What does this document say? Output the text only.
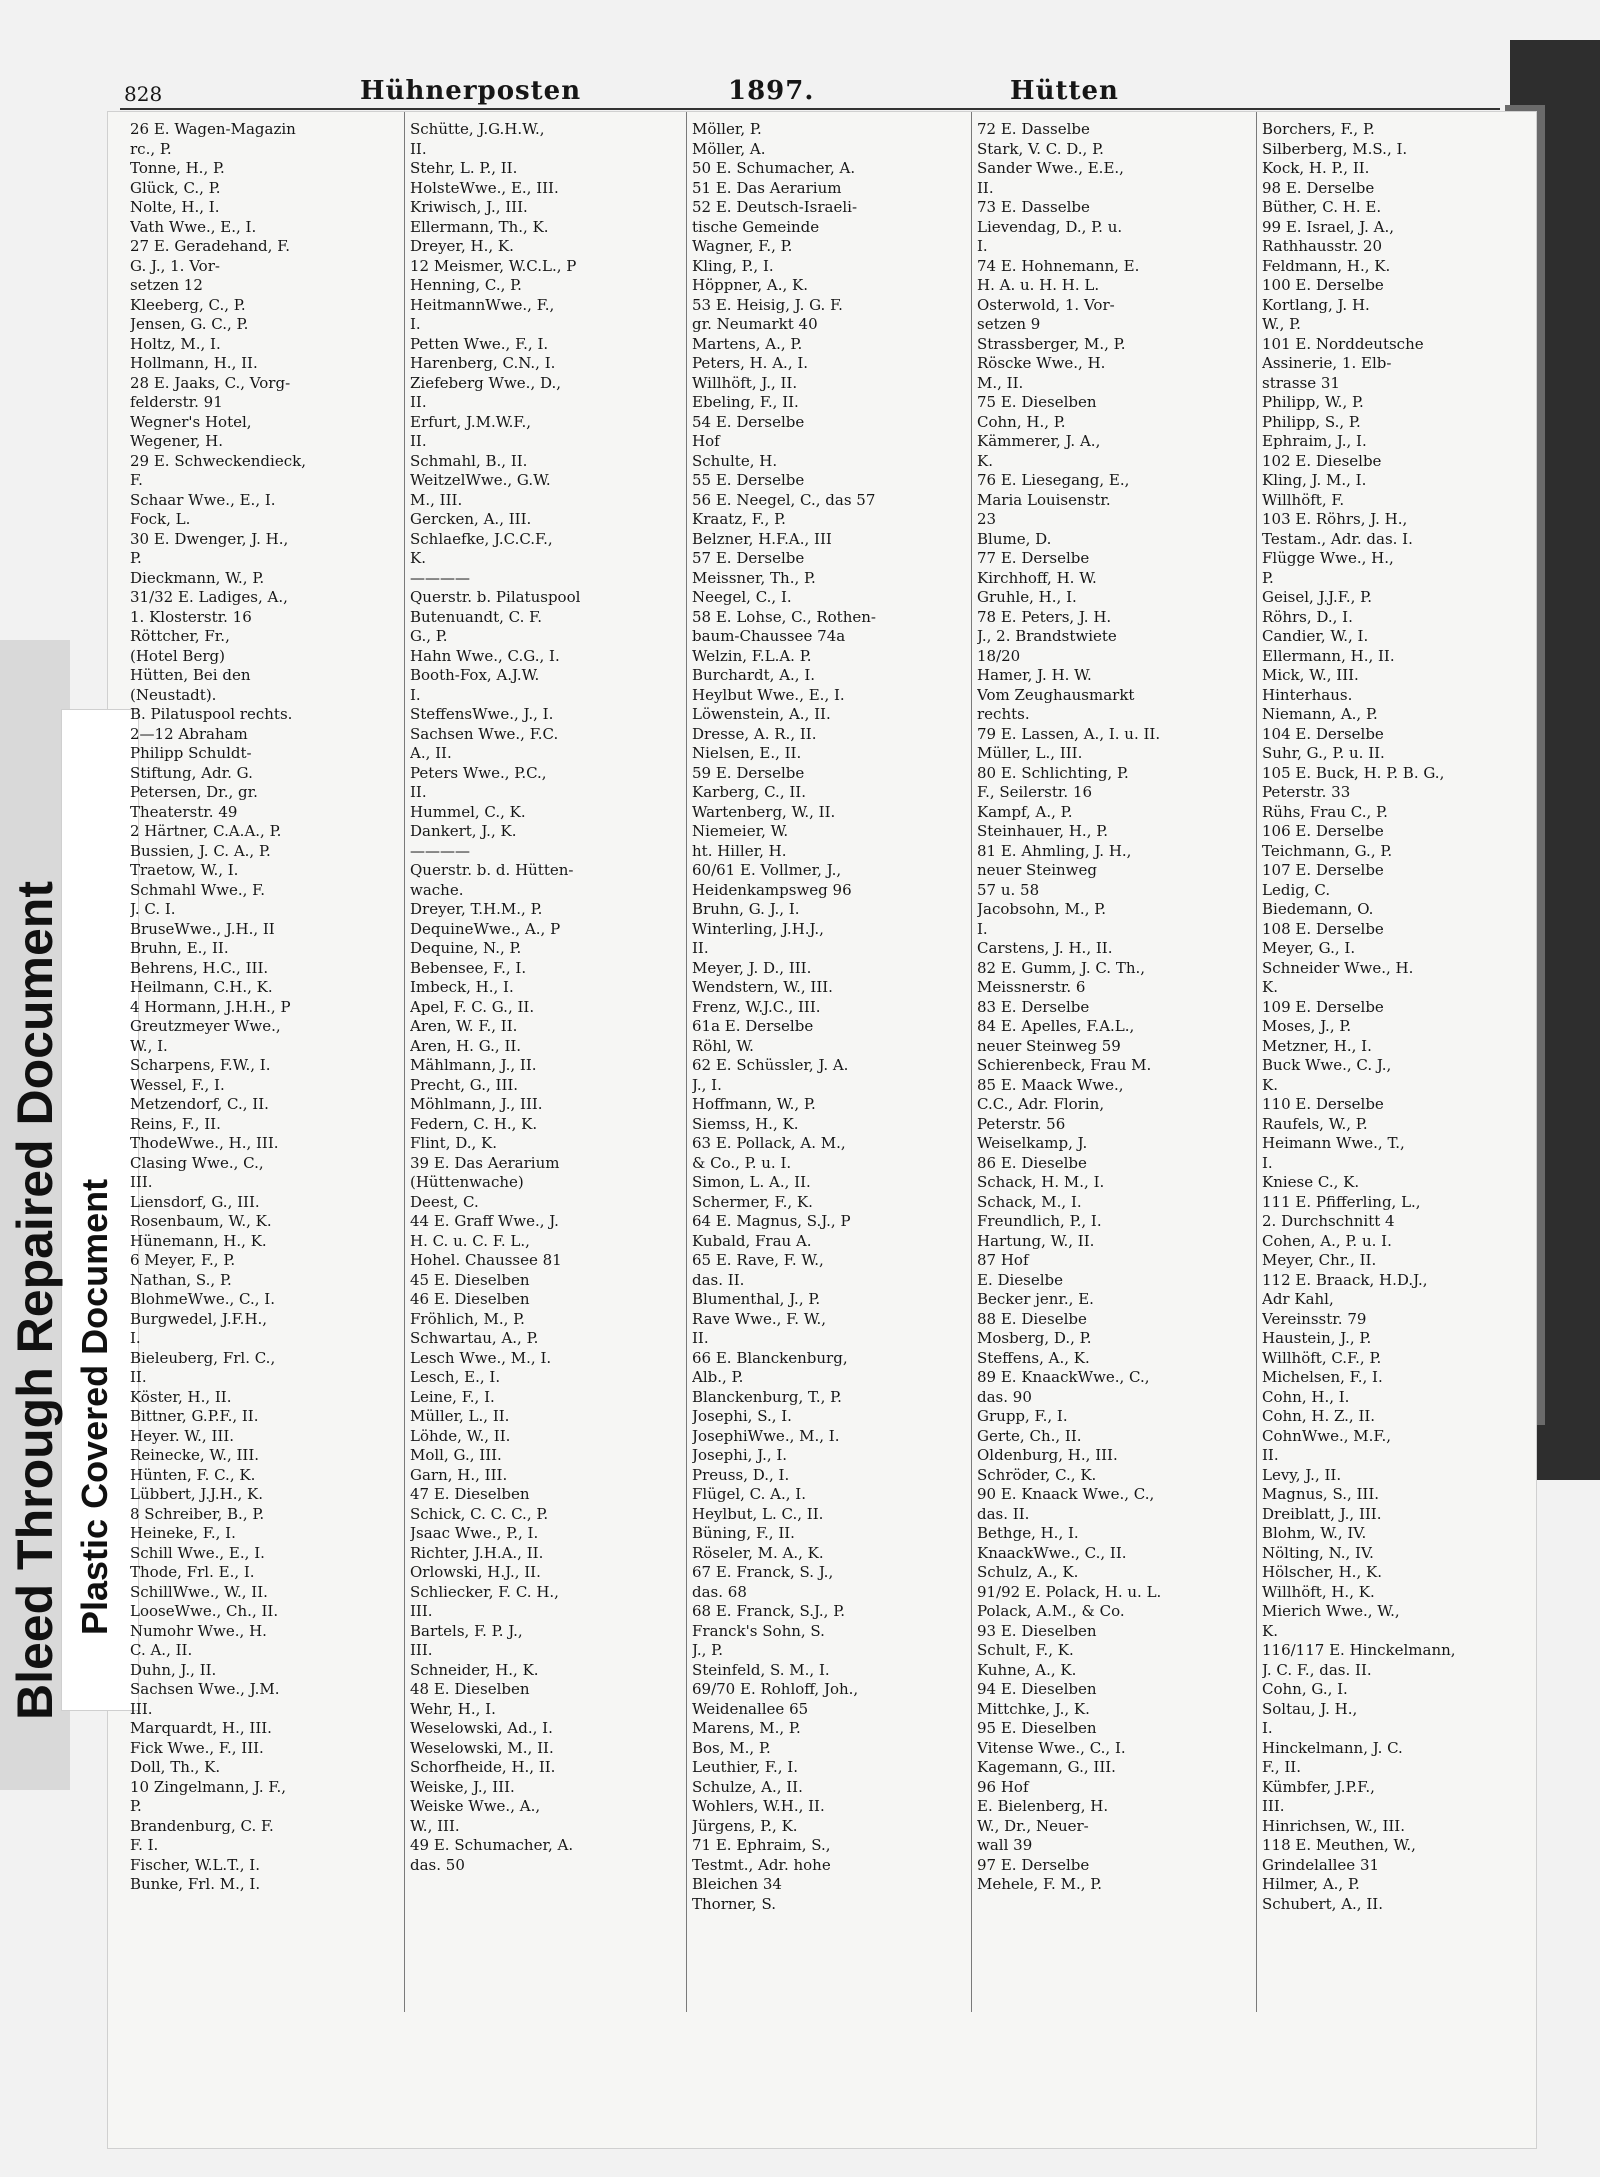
Bleed Through Repaired Document Plastic Covered Document
828	Hühnerposten	1897.	Hütten

26 E. Wagen-Magazin

rc., P.

Tonne, H., P.

Glück, C., P.

Nolte, H., I.

Vath Wwe., E., I.

27 E. Geradehand, F.

G. J., 1. Vor-

setzen 12

Kleeberg, C., P.

Jensen, G. C., P.

Holtz, M., I.

Hollmann, H., II.

28 E. Jaaks, C., Vorg-

felderstr. 91

Wegner's Hotel,

Wegener, H.

29 E. Schweckendieck,

F.

Schaar Wwe., E., I.

Fock, L.

30 E. Dwenger, J. H.,

P.

Dieckmann, W., P.

31/32 E. Ladiges, A.,

1. Klosterstr. 16

Röttcher, Fr.,

(Hotel Berg)

Hütten, Bei den

(Neustadt).

B. Pilatuspool rechts.

2—12 Abraham

Philipp Schuldt-

Stiftung, Adr. G.

Petersen, Dr., gr.

Theaterstr. 49

2 Härtner, C.A.A., P.

Bussien, J. C. A., P.

Traetow, W., I.

Schmahl Wwe., F.

J. C. I.

BruseWwe., J.H., II

Bruhn, E., II.

Behrens, H.C., III.

Heilmann, C.H., K.

4 Hormann, J.H.H., P

Greutzmeyer Wwe.,

W., I.

Scharpens, F.W., I.

Wessel, F., I.

Metzendorf, C., II.

Reins, F., II.

ThodeWwe., H., III.

Clasing Wwe., C.,

III.

Liensdorf, G., III.

Rosenbaum, W., K.

Hünemann, H., K.

6 Meyer, F., P.

Nathan, S., P.

BlohmeWwe., C., I.

Burgwedel, J.F.H.,

I.

Bieleuberg, Frl. C.,

II.

Köster, H., II.

Bittner, G.P.F., II.

Heyer. W., III.

Reinecke, W., III.

Hünten, F. C., K.

Lübbert, J.J.H., K.

8 Schreiber, B., P.

Heineke, F., I.

Schill Wwe., E., I.

Thode, Frl. E., I.

SchillWwe., W., II.

LooseWwe., Ch., II.

Numohr Wwe., H.

C. A., II.

Duhn, J., II.

Sachsen Wwe., J.M.

III.

Marquardt, H., III.

Fick Wwe., F., III.

Doll, Th., K.

10 Zingelmann, J. F.,

P.

Brandenburg, C. F.

F. I.

Fischer, W.L.T., I.

Bunke, Frl. M., I.

Schütte, J.G.H.W.,

II.

Stehr, L. P., II.

HolsteWwe., E., III.

Kriwisch, J., III.

Ellermann, Th., K.

Dreyer, H., K.

12 Meismer, W.C.L., P

Henning, C., P.

HeitmannWwe., F.,

I.

Petten Wwe., F., I.

Harenberg, C.N., I.

Ziefeberg Wwe., D.,

II.

Erfurt, J.M.W.F.,

II.

Schmahl, B., II.

WeitzelWwe., G.W.

M., III.

Gercken, A., III.

Schlaefke, J.C.C.F.,

K.

————

Querstr. b. Pilatuspool

Butenuandt, C. F.

G., P.

Hahn Wwe., C.G., I.

Booth-Fox, A.J.W.

I.

SteffensWwe., J., I.

Sachsen Wwe., F.C.

A., II.

Peters Wwe., P.C.,

II.

Hummel, C., K.

Dankert, J., K.

————

Querstr. b. d. Hütten-

wache.

Dreyer, T.H.M., P.

DequineWwe., A., P

Dequine, N., P.

Bebensee, F., I.

Imbeck, H., I.

Apel, F. C. G., II.

Aren, W. F., II.

Aren, H. G., II.

Mählmann, J., II.

Precht, G., III.

Möhlmann, J., III.

Federn, C. H., K.

Flint, D., K.

39 E. Das Aerarium

(Hüttenwache)

Deest, C.

44 E. Graff Wwe., J.

H. C. u. C. F. L.,

Hohel. Chaussee 81

45 E. Dieselben

46 E. Dieselben

Fröhlich, M., P.

Schwartau, A., P.

Lesch Wwe., M., I.

Lesch, E., I.

Leine, F., I.

Müller, L., II.

Löhde, W., II.

Moll, G., III.

Garn, H., III.

47 E. Dieselben

Schick, C. C. C., P.

Jsaac Wwe., P., I.

Richter, J.H.A., II.

Orlowski, H.J., II.

Schliecker, F. C. H.,

III.

Bartels, F. P. J.,

III.

Schneider, H., K.

48 E. Dieselben

Wehr, H., I.

Weselowski, Ad., I.

Weselowski, M., II.

Schorfheide, H., II.

Weiske, J., III.

Weiske Wwe., A.,

W., III.

49 E. Schumacher, A.

das. 50

Möller, P.

Möller, A.

50 E. Schumacher, A.

51 E. Das Aerarium

52 E. Deutsch-Israeli-

tische Gemeinde

Wagner, F., P.

Kling, P., I.

Höppner, A., K.

53 E. Heisig, J. G. F.

gr. Neumarkt 40

Martens, A., P.

Peters, H. A., I.

Willhöft, J., II.

Ebeling, F., II.

54 E. Derselbe

Hof

Schulte, H.

55 E. Derselbe

56 E. Neegel, C., das 57

Kraatz, F., P.

Belzner, H.F.A., III

57 E. Derselbe

Meissner, Th., P.

Neegel, C., I.

58 E. Lohse, C., Rothen-

baum-Chaussee 74a

Welzin, F.L.A. P.

Burchardt, A., I.

Heylbut Wwe., E., I.

Löwenstein, A., II.

Dresse, A. R., II.

Nielsen, E., II.

59 E. Derselbe

Karberg, C., II.

Wartenberg, W., II.

Niemeier, W.

ht. Hiller, H.

60/61 E. Vollmer, J.,

Heidenkampsweg 96

Bruhn, G. J., I.

Winterling, J.H.J.,

II.

Meyer, J. D., III.

Wendstern, W., III.

Frenz, W.J.C., III.

61a E. Derselbe

Röhl, W.

62 E. Schüssler, J. A.

J., I.

Hoffmann, W., P.

Siemss, H., K.

63 E. Pollack, A. M.,

& Co., P. u. I.

Simon, L. A., II.

Schermer, F., K.

64 E. Magnus, S.J., P

Kubald, Frau A.

65 E. Rave, F. W.,

das. II.

Blumenthal, J., P.

Rave Wwe., F. W.,

II.

66 E. Blanckenburg,

Alb., P.

Blanckenburg, T., P.

Josephi, S., I.

JosephiWwe., M., I.

Josephi, J., I.

Preuss, D., I.

Flügel, C. A., I.

Heylbut, L. C., II.

Büning, F., II.

Röseler, M. A., K.

67 E. Franck, S. J.,

das. 68

68 E. Franck, S.J., P.

Franck's Sohn, S.

J., P.

Steinfeld, S. M., I.

69/70 E. Rohloff, Joh.,

Weidenallee 65

Marens, M., P.

Bos, M., P.

Leuthier, F., I.

Schulze, A., II.

Wohlers, W.H., II.

Jürgens, P., K.

71 E. Ephraim, S.,

Testmt., Adr. hohe

Bleichen 34

Thorner, S.

72 E. Dasselbe

Stark, V. C. D., P.

Sander Wwe., E.E.,

II.

73 E. Dasselbe

Lievendag, D., P. u.

I.

74 E. Hohnemann, E.

H. A. u. H. H. L.

Osterwold, 1. Vor-

setzen 9

Strassberger, M., P.

Röscke Wwe., H.

M., II.

75 E. Dieselben

Cohn, H., P.

Kämmerer, J. A.,

K.

76 E. Liesegang, E.,

Maria Louisenstr.

23

Blume, D.

77 E. Derselbe

Kirchhoff, H. W.

Gruhle, H., I.

78 E. Peters, J. H.

J., 2. Brandstwiete

18/20

Hamer, J. H. W.

Vom Zeughausmarkt

rechts.

79 E. Lassen, A., I. u. II.

Müller, L., III.

80 E. Schlichting, P.

F., Seilerstr. 16

Kampf, A., P.

Steinhauer, H., P.

81 E. Ahmling, J. H.,

neuer Steinweg

57 u. 58

Jacobsohn, M., P.

I.

Carstens, J. H., II.

82 E. Gumm, J. C. Th.,

Meissnerstr. 6

83 E. Derselbe

84 E. Apelles, F.A.L.,

neuer Steinweg 59

Schierenbeck, Frau M.

85 E. Maack Wwe.,

C.C., Adr. Florin,

Peterstr. 56

Weiselkamp, J.

86 E. Dieselbe

Schack, H. M., I.

Schack, M., I.

Freundlich, P., I.

Hartung, W., II.

87 Hof

E. Dieselbe

Becker jenr., E.

88 E. Dieselbe

Mosberg, D., P.

Steffens, A., K.

89 E. KnaackWwe., C.,

das. 90

Grupp, F., I.

Gerte, Ch., II.

Oldenburg, H., III.

Schröder, C., K.

90 E. Knaack Wwe., C.,

das. II.

Bethge, H., I.

KnaackWwe., C., II.

Schulz, A., K.

91/92 E. Polack, H. u. L.

Polack, A.M., & Co.

93 E. Dieselben

Schult, F., K.

Kuhne, A., K.

94 E. Dieselben

Mittchke, J., K.

95 E. Dieselben

Vitense Wwe., C., I.

Kagemann, G., III.

96 Hof

E. Bielenberg, H.

W., Dr., Neuer-

wall 39

97 E. Derselbe

Mehele, F. M., P.

Borchers, F., P.

Silberberg, M.S., I.

Kock, H. P., II.

98 E. Derselbe

Büther, C. H. E.

99 E. Israel, J. A.,

Rathhausstr. 20

Feldmann, H., K.

100 E. Derselbe

Kortlang, J. H.

W., P.

101 E. Norddeutsche

Assinerie, 1. Elb-

strasse 31

Philipp, W., P.

Philipp, S., P.

Ephraim, J., I.

102 E. Dieselbe

Kling, J. M., I.

Willhöft, F.

103 E. Röhrs, J. H.,

Testam., Adr. das. I.

Flügge Wwe., H.,

P.

Geisel, J.J.F., P.

Röhrs, D., I.

Candier, W., I.

Ellermann, H., II.

Mick, W., III.

Hinterhaus.

Niemann, A., P.

104 E. Derselbe

Suhr, G., P. u. II.

105 E. Buck, H. P. B. G.,

Peterstr. 33

Rühs, Frau C., P.

106 E. Derselbe

Teichmann, G., P.

107 E. Derselbe

Ledig, C.

Biedemann, O.

108 E. Derselbe

Meyer, G., I.

Schneider Wwe., H.

K.

109 E. Derselbe

Moses, J., P.

Metzner, H., I.

Buck Wwe., C. J.,

K.

110 E. Derselbe

Raufels, W., P.

Heimann Wwe., T.,

I.

Kniese C., K.

111 E. Pfifferling, L.,

2. Durchschnitt 4

Cohen, A., P. u. I.

Meyer, Chr., II.

112 E. Braack, H.D.J.,

Adr Kahl,

Vereinsstr. 79

Haustein, J., P.

Willhöft, C.F., P.

Michelsen, F., I.

Cohn, H., I.

Cohn, H. Z., II.

CohnWwe., M.F.,

II.

Levy, J., II.

Magnus, S., III.

Dreiblatt, J., III.

Blohm, W., IV.

Nölting, N., IV.

Hölscher, H., K.

Willhöft, H., K.

Mierich Wwe., W.,

K.

116/117 E. Hinckelmann,

J. C. F., das. II.

Cohn, G., I.

Soltau, J. H.,

I.

Hinckelmann, J. C.

F., II.

Kümbfer, J.P.F.,

III.

Hinrichsen, W., III.

118 E. Meuthen, W.,

Grindelallee 31

Hilmer, A., P.

Schubert, A., II.
